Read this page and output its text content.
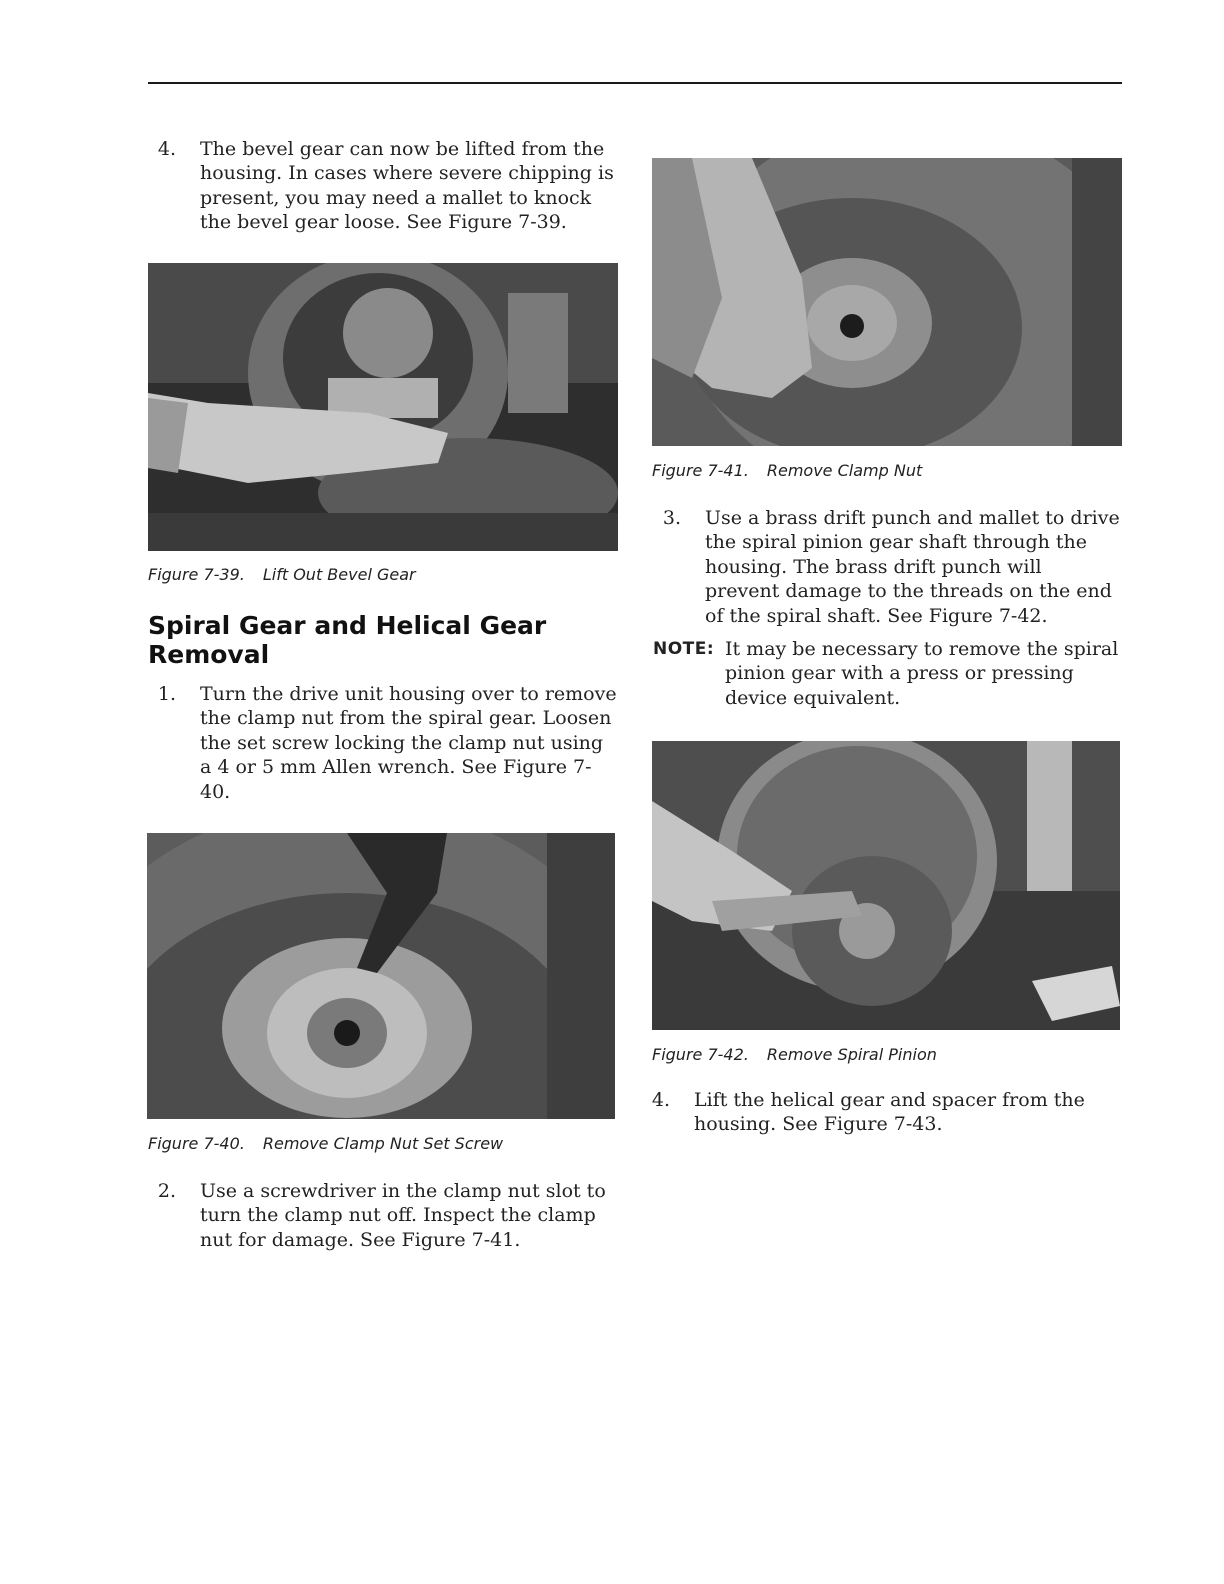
4. The bevel gear can now be lifted from the housing. In cases where severe chipping is present, you may need a mallet to knock the bevel gear loose. See Figure 7-39.
Figure 7-39. Lift Out Bevel Gear
Spiral Gear and Helical Gear Removal
1. Turn the drive unit housing over to remove the clamp nut from the spiral gear. Loosen the set screw locking the clamp nut using a 4 or 5 mm Allen wrench. See Figure 7-40.
Figure 7-40. Remove Clamp Nut Set Screw
2. Use a screwdriver in the clamp nut slot to turn the clamp nut off. Inspect the clamp nut for damage. See Figure 7-41.
Figure 7-41. Remove Clamp Nut
3. Use a brass drift punch and mallet to drive the spiral pinion gear shaft through the housing. The brass drift punch will prevent damage to the threads on the end of the spiral shaft. See Figure 7-42.
NOTE: It may be necessary to remove the spiral pinion gear with a press or pressing device equivalent.
Figure 7-42. Remove Spiral Pinion
4. Lift the helical gear and spacer from the housing. See Figure 7-43.
